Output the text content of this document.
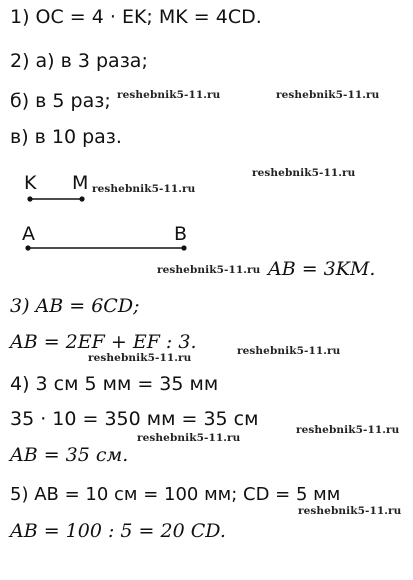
1) OC = 4 · EK; MK = 4CD.
2) а) в 3 раза;
б) в 5 раз;
в) в 10 раз.
K M
A	B
AB = 3KM.
3) AB = 6CD;
AB = 2EF + EF : 3.
4) 3 см 5 мм = 35 мм
35 · 10 = 350 мм = 35 см
AB = 35 см.
5) AB = 10 см = 100 мм; CD = 5 мм
AB = 100 : 5 = 20 CD.
reshebnik5-11.ru	reshebnik5-11.ru
reshebnik5-11.ru
reshebnik5-11.ru
reshebnik5-11.ru
reshebnik5-11.ru
reshebnik5-11.ru
reshebnik5-11.ru
reshebnik5-11.ru
reshebnik5-11.ru
